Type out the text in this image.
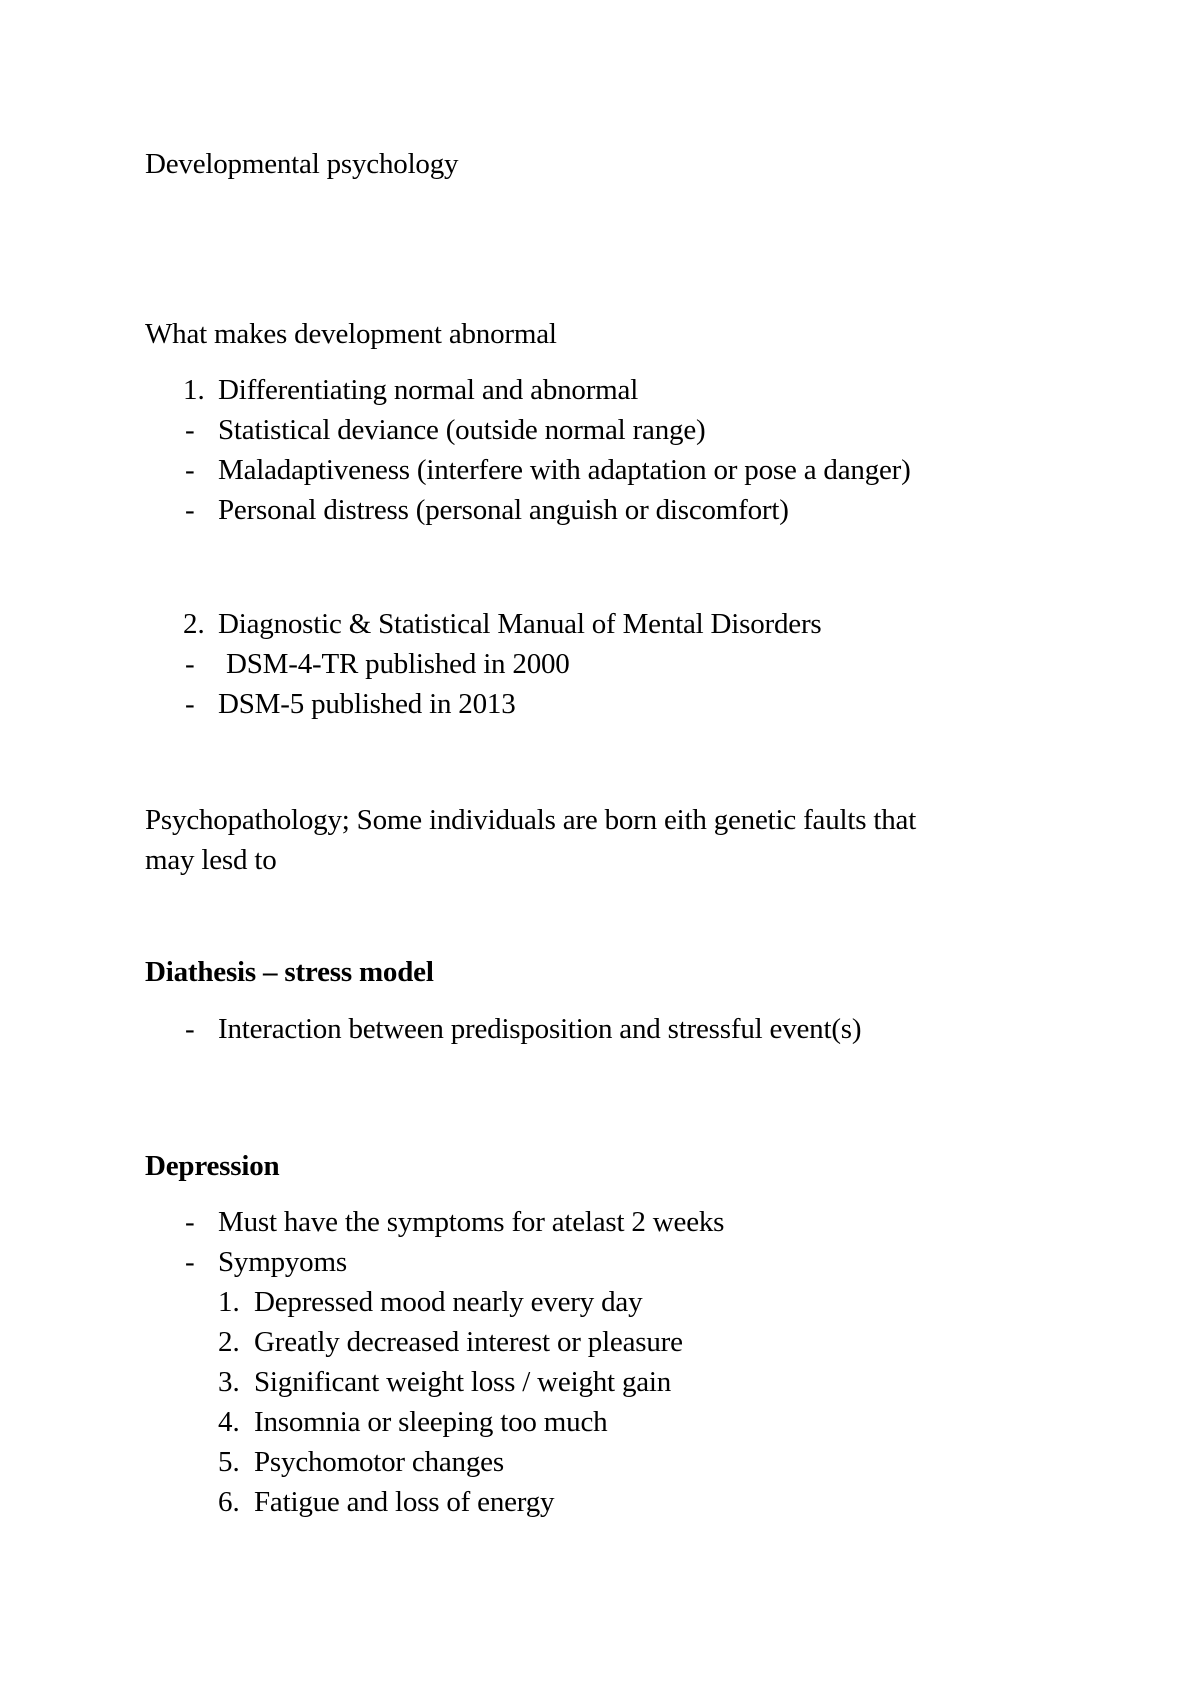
Developmental psychology
What makes development abnormal
1. Differentiating normal and abnormal
- Statistical deviance (outside normal range)
- Maladaptiveness (interfere with adaptation or pose a danger)
- Personal distress (personal anguish or discomfort)
2. Diagnostic & Statistical Manual of Mental Disorders
- DSM-4-TR published in 2000
- DSM-5 published in 2013
Psychopathology; Some individuals are born eith genetic faults that
may lesd to
Diathesis – stress model
- Interaction between predisposition and stressful event(s)
Depression
- Must have the symptoms for atelast 2 weeks
- Sympyoms
1. Depressed mood nearly every day
2. Greatly decreased interest or pleasure
3. Significant weight loss / weight gain
4. Insomnia or sleeping too much
5. Psychomotor changes
6. Fatigue and loss of energy
